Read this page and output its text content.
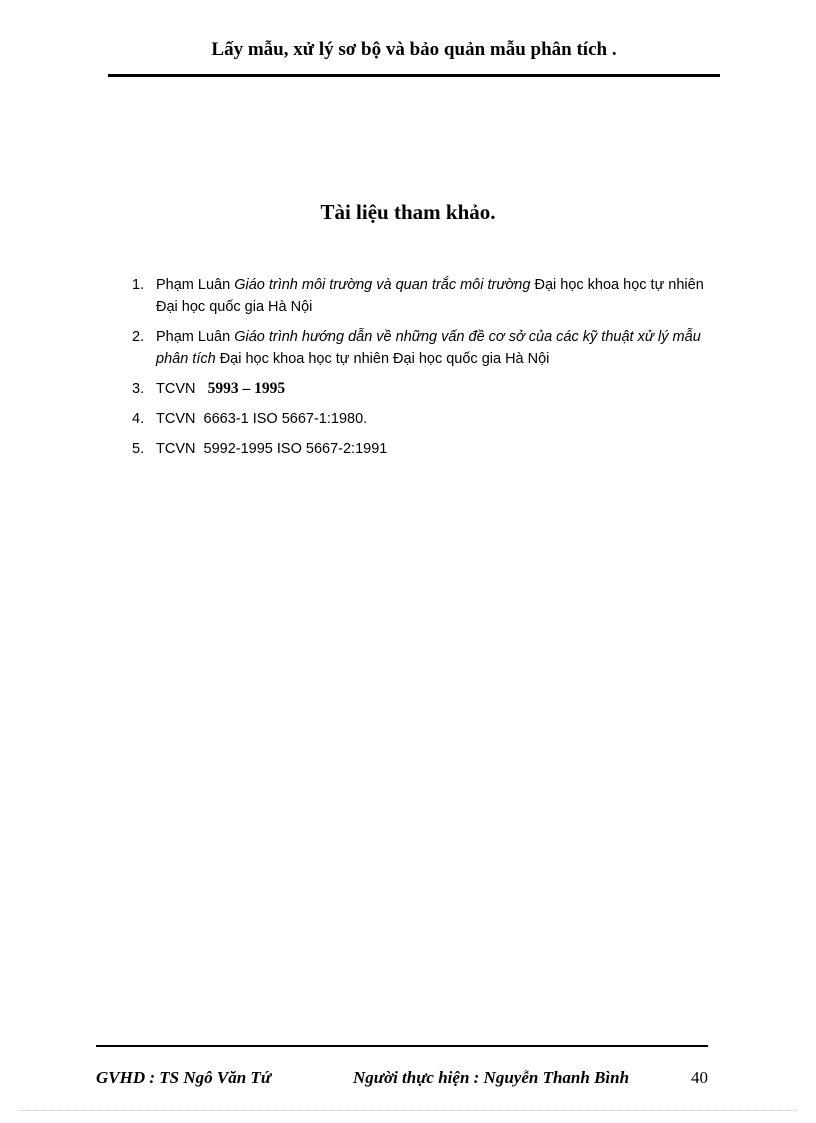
Lấy mẫu, xử lý sơ bộ và bảo quản mẫu phân tích .
Tài liệu tham khảo.
1. Phạm Luân Giáo trình môi trường và quan trắc môi trường Đại học khoa học tự nhiên Đại học quốc gia Hà Nội
2. Phạm Luân Giáo trình hướng dẫn về những vấn đề cơ sở của các kỹ thuật xử lý mẫu phân tích Đại học khoa học tự nhiên Đại học quốc gia Hà Nội
3. TCVN   5993 – 1995
4. TCVN  6663-1 ISO 5667-1:1980.
5. TCVN  5992-1995 ISO 5667-2:1991
GVHD : TS Ngô Văn Tứ	Người thực hiện : Nguyễn Thanh Bình	40
